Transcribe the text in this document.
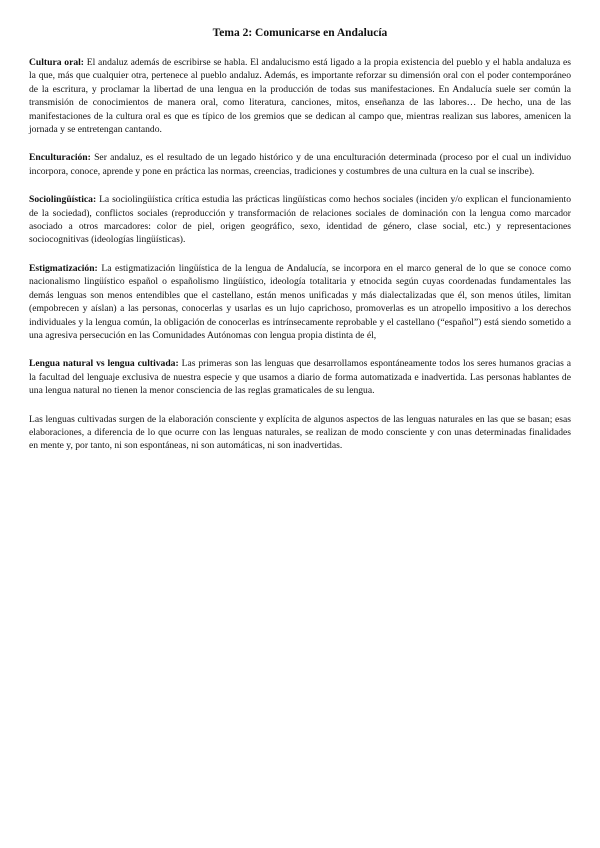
Tema 2: Comunicarse en Andalucía

Cultura oral: El andaluz además de escribirse se habla. El andalucismo está ligado a la propia existencia del pueblo y el habla andaluza es la que, más que cualquier otra, pertenece al pueblo andaluz. Además, es importante reforzar su dimensión oral con el poder contemporáneo de la escritura, y proclamar la libertad de una lengua en la producción de todas sus manifestaciones. En Andalucía suele ser común la transmisión de conocimientos de manera oral, como literatura, canciones, mitos, enseñanza de las labores… De hecho, una de las manifestaciones de la cultura oral es que es típico de los gremios que se dedican al campo que, mientras realizan sus labores, amenicen la jornada y se entretengan cantando.

Enculturación: Ser andaluz, es el resultado de un legado histórico y de una enculturación determinada (proceso por el cual un individuo incorpora, conoce, aprende y pone en práctica las normas, creencias, tradiciones y costumbres de una cultura en la cual se inscribe).

Sociolingüística: La sociolingüística crítica estudia las prácticas lingüísticas como hechos sociales (inciden y/o explican el funcionamiento de la sociedad), conflictos sociales (reproducción y transformación de relaciones sociales de dominación con la lengua como marcador asociado a otros marcadores: color de piel, origen geográfico, sexo, identidad de género, clase social, etc.) y representaciones sociocognitivas (ideologías lingüísticas).

Estigmatización: La estigmatización lingüística de la lengua de Andalucía, se incorpora en el marco general de lo que se conoce como nacionalismo lingüístico español o españolismo lingüístico, ideología totalitaria y etnocida según cuyas coordenadas fundamentales las demás lenguas son menos entendibles que el castellano, están menos unificadas y más dialectalizadas que él, son menos útiles, limitan (empobrecen y aíslan) a las personas, conocerlas y usarlas es un lujo caprichoso, promoverlas es un atropello impositivo a los derechos individuales y la lengua común, la obligación de conocerlas es intrínsecamente reprobable y el castellano (“español”) está siendo sometido a una agresiva persecución en las Comunidades Autónomas con lengua propia distinta de él,

Lengua natural vs lengua cultivada: Las primeras son las lenguas que desarrollamos espontáneamente todos los seres humanos gracias a la facultad del lenguaje exclusiva de nuestra especie y que usamos a diario de forma automatizada e inadvertida. Las personas hablantes de una lengua natural no tienen la menor consciencia de las reglas gramaticales de su lengua.

Las lenguas cultivadas surgen de la elaboración consciente y explícita de algunos aspectos de las lenguas naturales en las que se basan; esas elaboraciones, a diferencia de lo que ocurre con las lenguas naturales, se realizan de modo consciente y con unas determinadas finalidades en mente y, por tanto, ni son espontáneas, ni son automáticas, ni son inadvertidas.
